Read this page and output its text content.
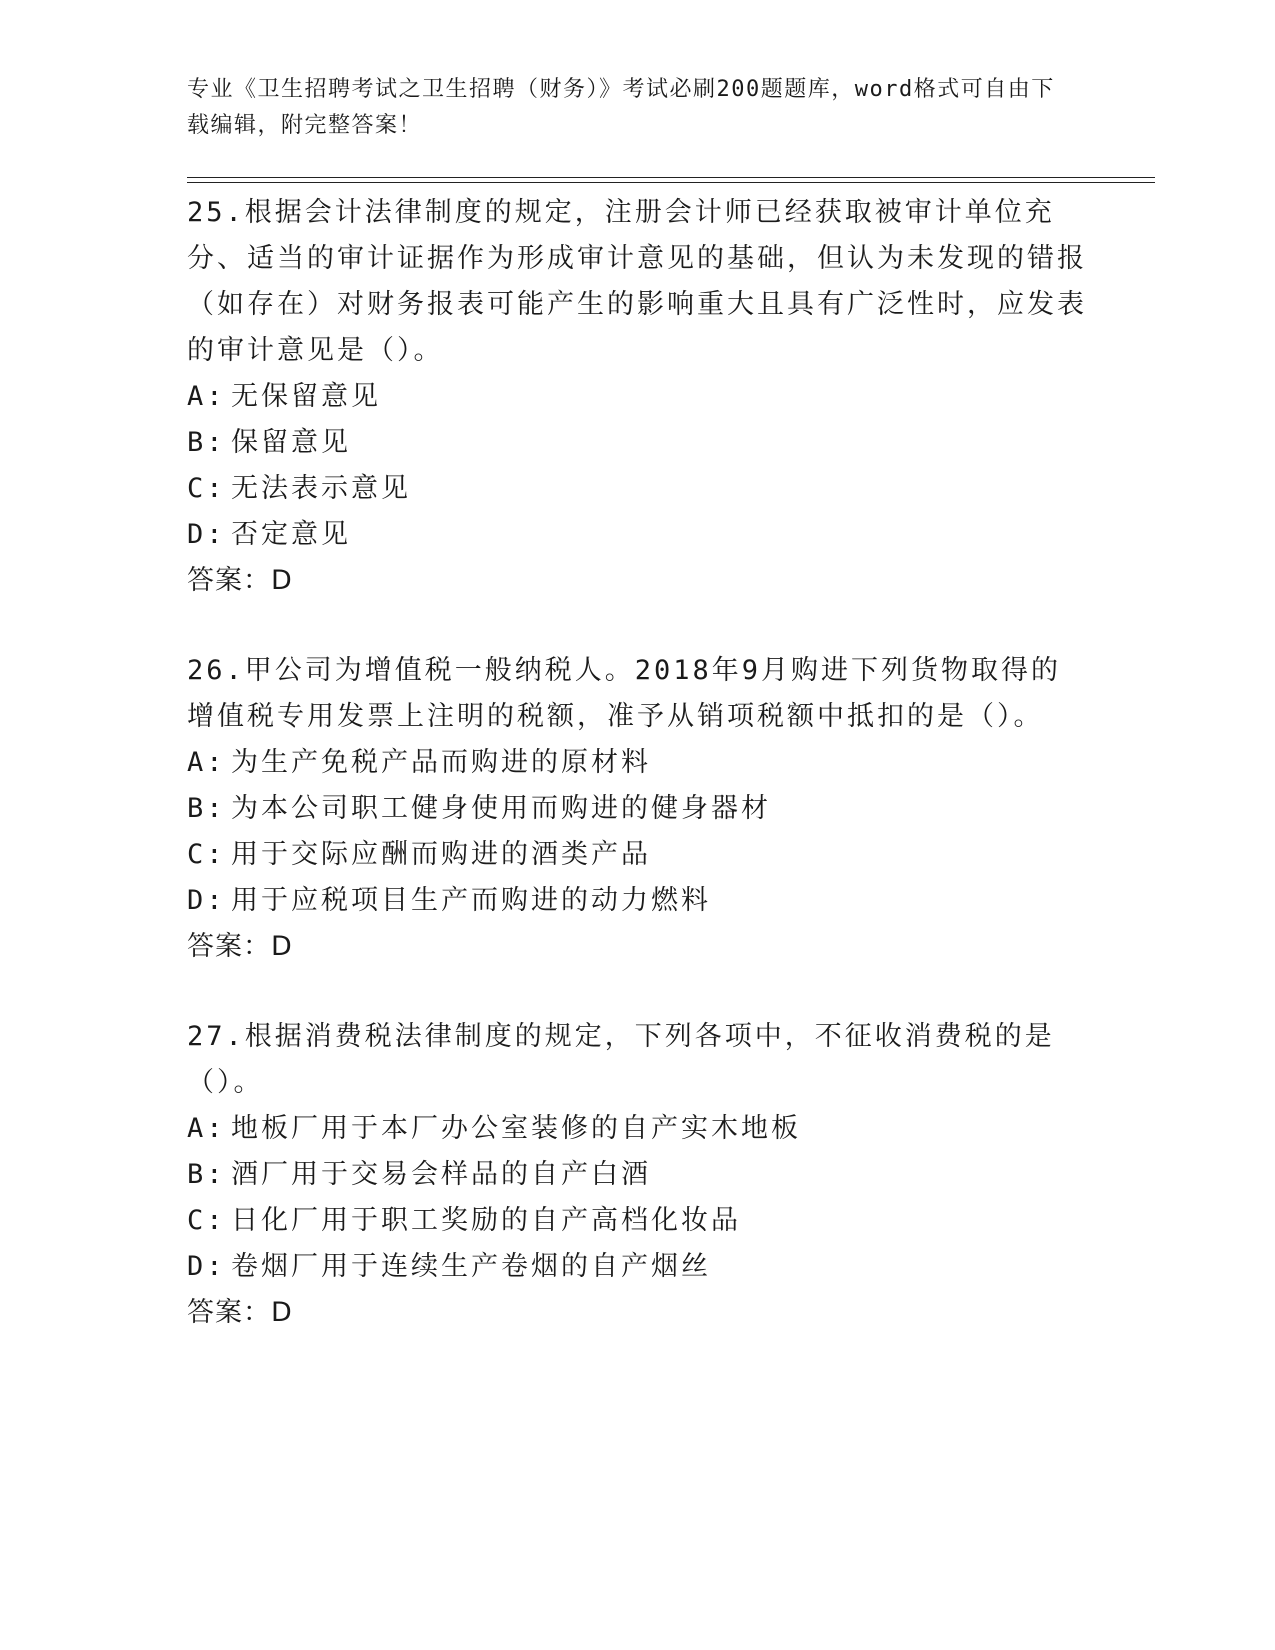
专业《卫生招聘考试之卫生招聘（财务）》考试必刷200题题库，word格式可自由下载编辑，附完整答案！
25.根据会计法律制度的规定，注册会计师已经获取被审计单位充分、适当的审计证据作为形成审计意见的基础，但认为未发现的错报（如存在）对财务报表可能产生的影响重大且具有广泛性时，应发表的审计意见是（）。
A: 无保留意见
B: 保留意见
C: 无法表示意见
D: 否定意见
答案：D
26.甲公司为增值税一般纳税人。2018年9月购进下列货物取得的增值税专用发票上注明的税额，准予从销项税额中抵扣的是（）。
A: 为生产免税产品而购进的原材料
B: 为本公司职工健身使用而购进的健身器材
C: 用于交际应酬而购进的酒类产品
D: 用于应税项目生产而购进的动力燃料
答案：D
27.根据消费税法律制度的规定，下列各项中，不征收消费税的是（）。
A: 地板厂用于本厂办公室装修的自产实木地板
B: 酒厂用于交易会样品的自产白酒
C: 日化厂用于职工奖励的自产高档化妆品
D: 卷烟厂用于连续生产卷烟的自产烟丝
答案：D
